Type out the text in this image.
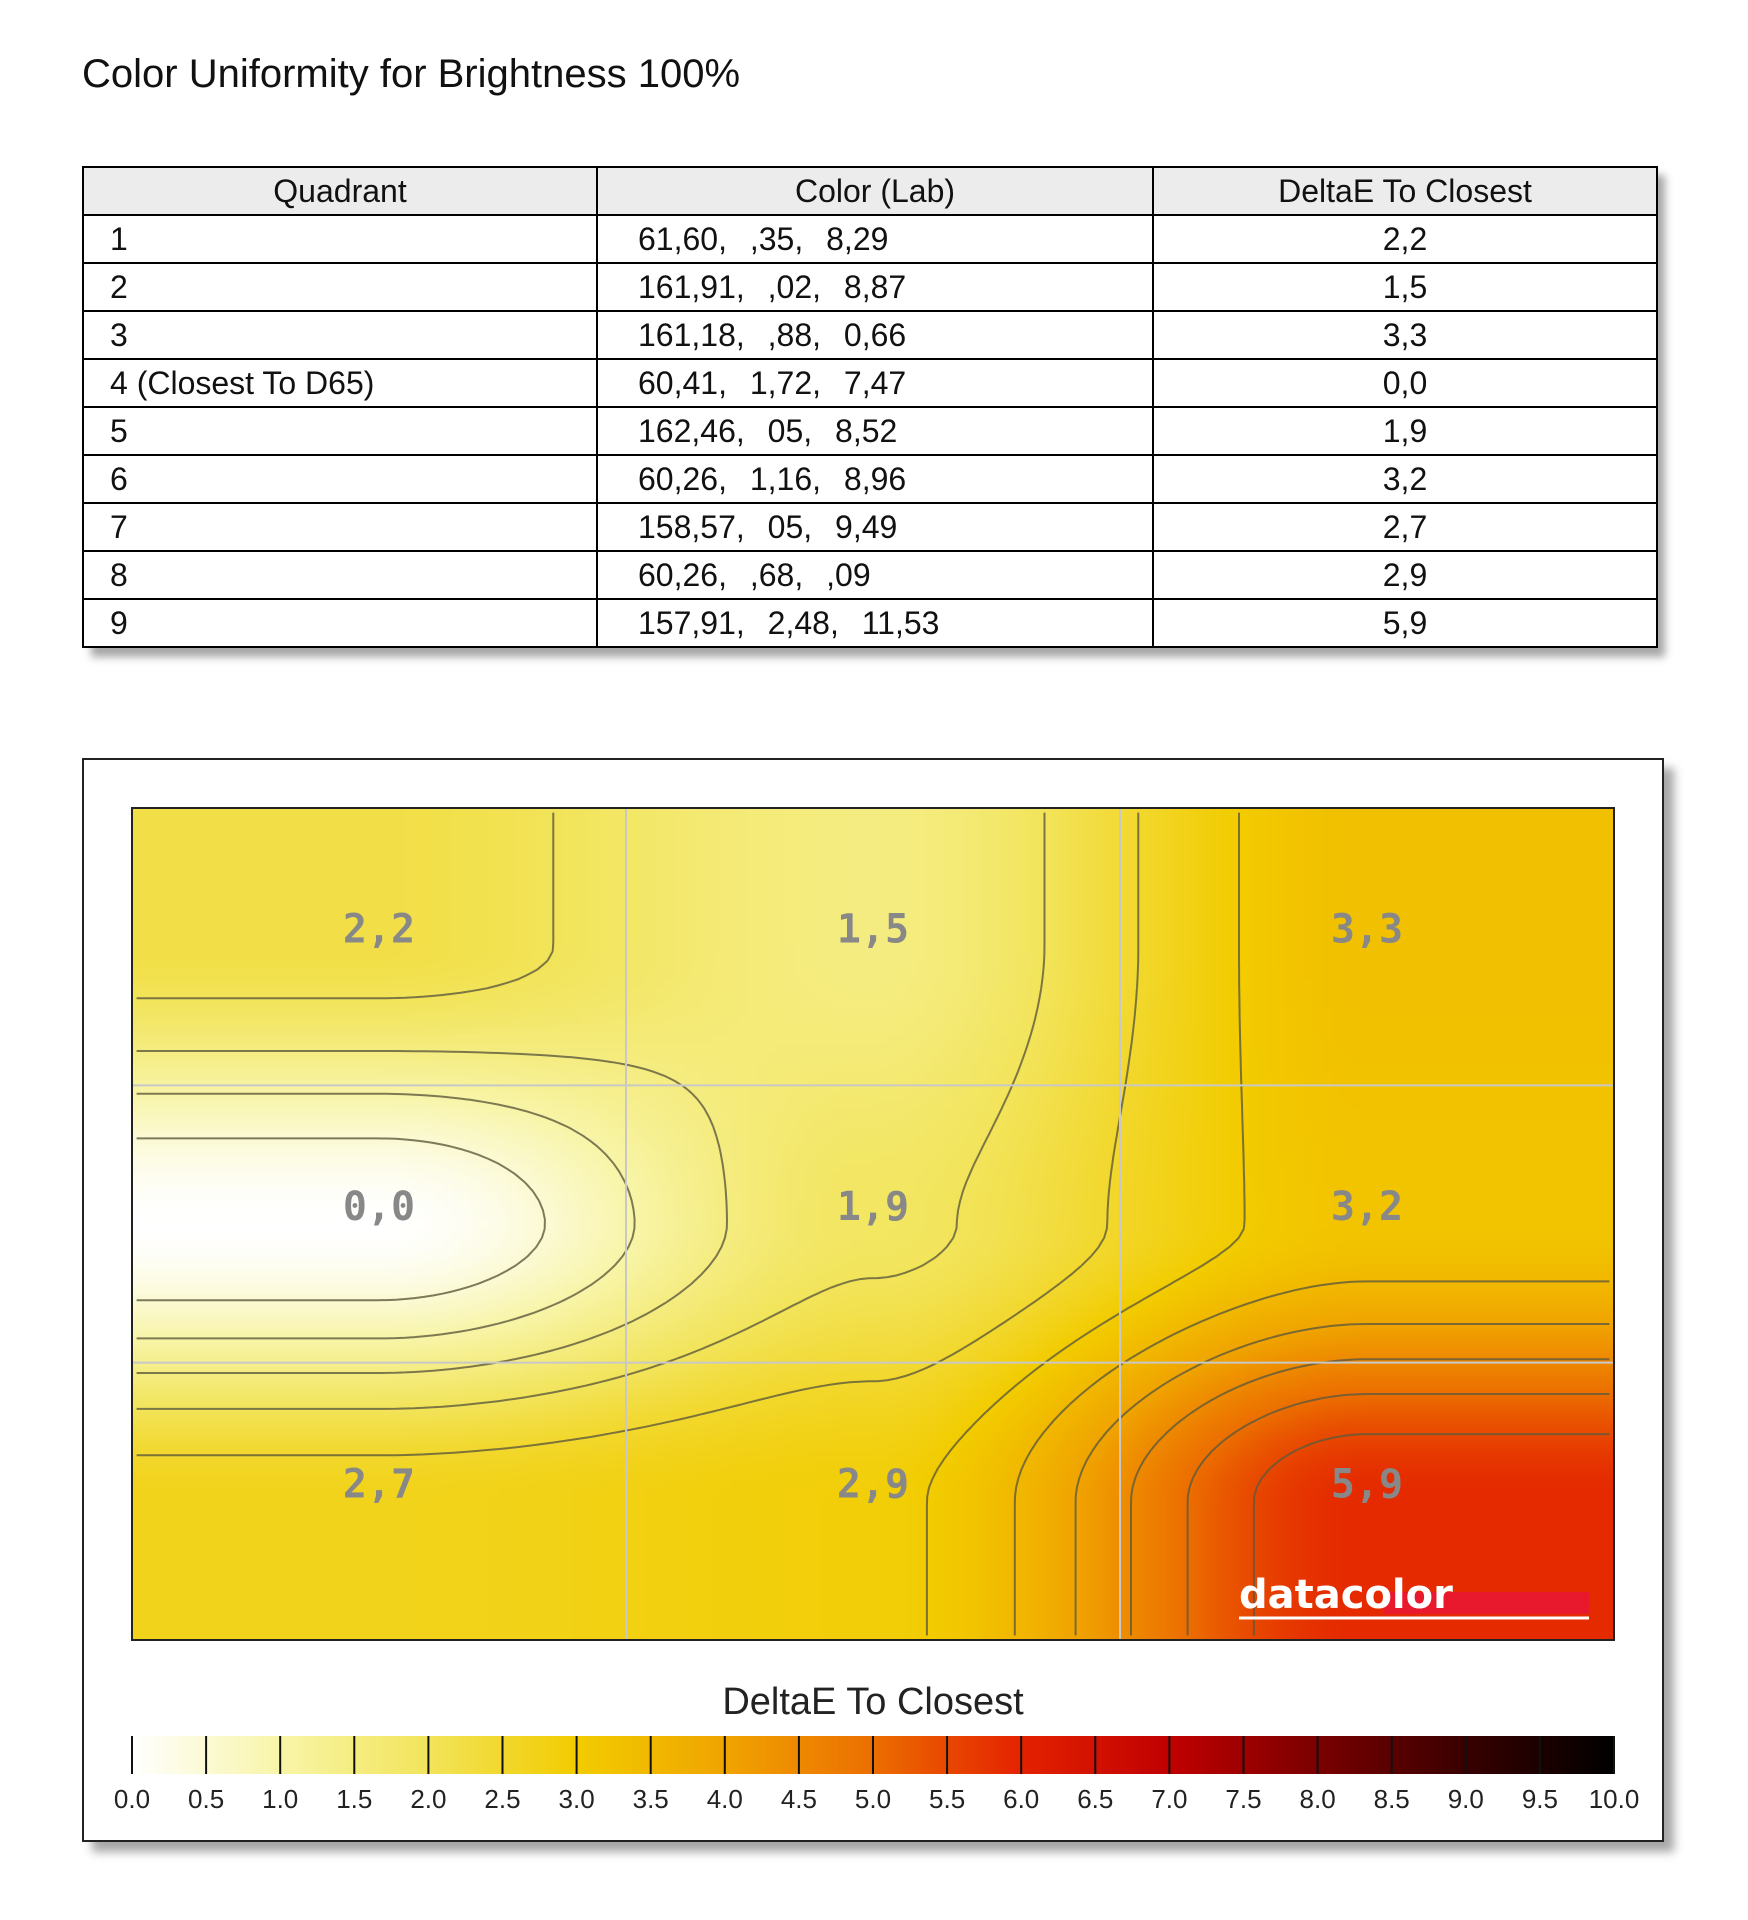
Color Uniformity for Brightness 100%
Quadrant	Color (Lab)	DeltaE To Closest
1	61,60, ,35, 8,29	2,2
2	161,91, ,02, 8,87	1,5
3	161,18, ,88, 0,66	3,3
4 (Closest To D65)	60,41, 1,72, 7,47	0,0
5	162,46, 05, 8,52	1,9
6	60,26, 1,16, 8,96	3,2
7	158,57, 05, 9,49	2,7
8	60,26, ,68, ,09	2,9
9	157,91, 2,48, 11,53	5,9
2,2	1,5	3,3
0,0	1,9	3,2
2,7	2,9	5,9
datacolor
DeltaE To Closest
0.0 0.5 1.0 1.5 2.0 2.5 3.0 3.5 4.0 4.5 5.0 5.5 6.0 6.5 7.0 7.5 8.0 8.5 9.0 9.5 10.0
